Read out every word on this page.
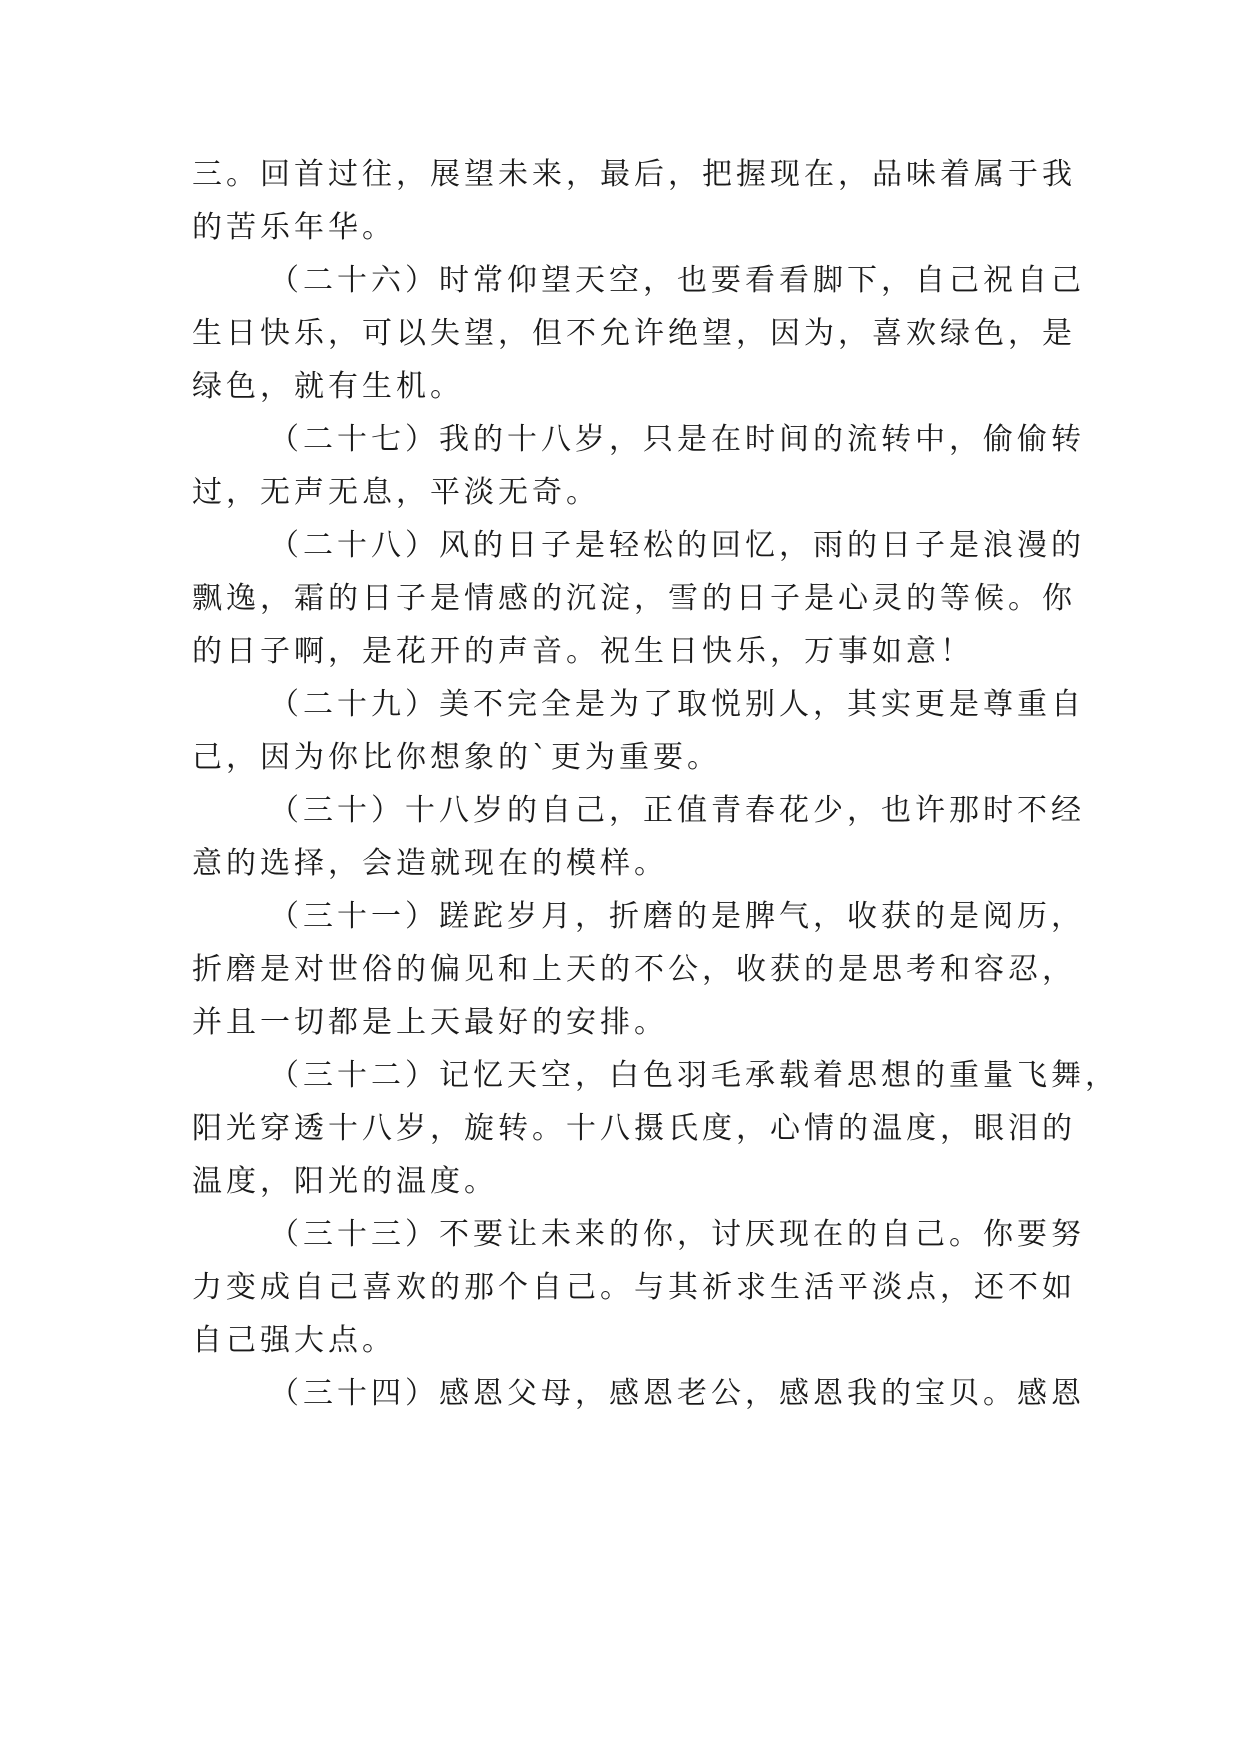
三。回首过往，展望未来，最后，把握现在，品味着属于我
的苦乐年华。
（二十六）时常仰望天空，也要看看脚下，自己祝自己
生日快乐，可以失望，但不允许绝望，因为，喜欢绿色，是
绿色，就有生机。
（二十七）我的十八岁，只是在时间的流转中，偷偷转
过，无声无息，平淡无奇。
（二十八）风的日子是轻松的回忆，雨的日子是浪漫的
飘逸，霜的日子是情感的沉淀，雪的日子是心灵的等候。你
的日子啊，是花开的声音。祝生日快乐，万事如意！
（二十九）美不完全是为了取悦别人，其实更是尊重自
己，因为你比你想象的`更为重要。
（三十）十八岁的自己，正值青春花少，也许那时不经
意的选择，会造就现在的模样。
（三十一）蹉跎岁月，折磨的是脾气，收获的是阅历，
折磨是对世俗的偏见和上天的不公，收获的是思考和容忍，
并且一切都是上天最好的安排。
（三十二）记忆天空，白色羽毛承载着思想的重量飞舞，
阳光穿透十八岁，旋转。十八摄氏度，心情的温度，眼泪的
温度，阳光的温度。
（三十三）不要让未来的你，讨厌现在的自己。你要努
力变成自己喜欢的那个自己。与其祈求生活平淡点，还不如
自己强大点。
（三十四）感恩父母，感恩老公，感恩我的宝贝。感恩
